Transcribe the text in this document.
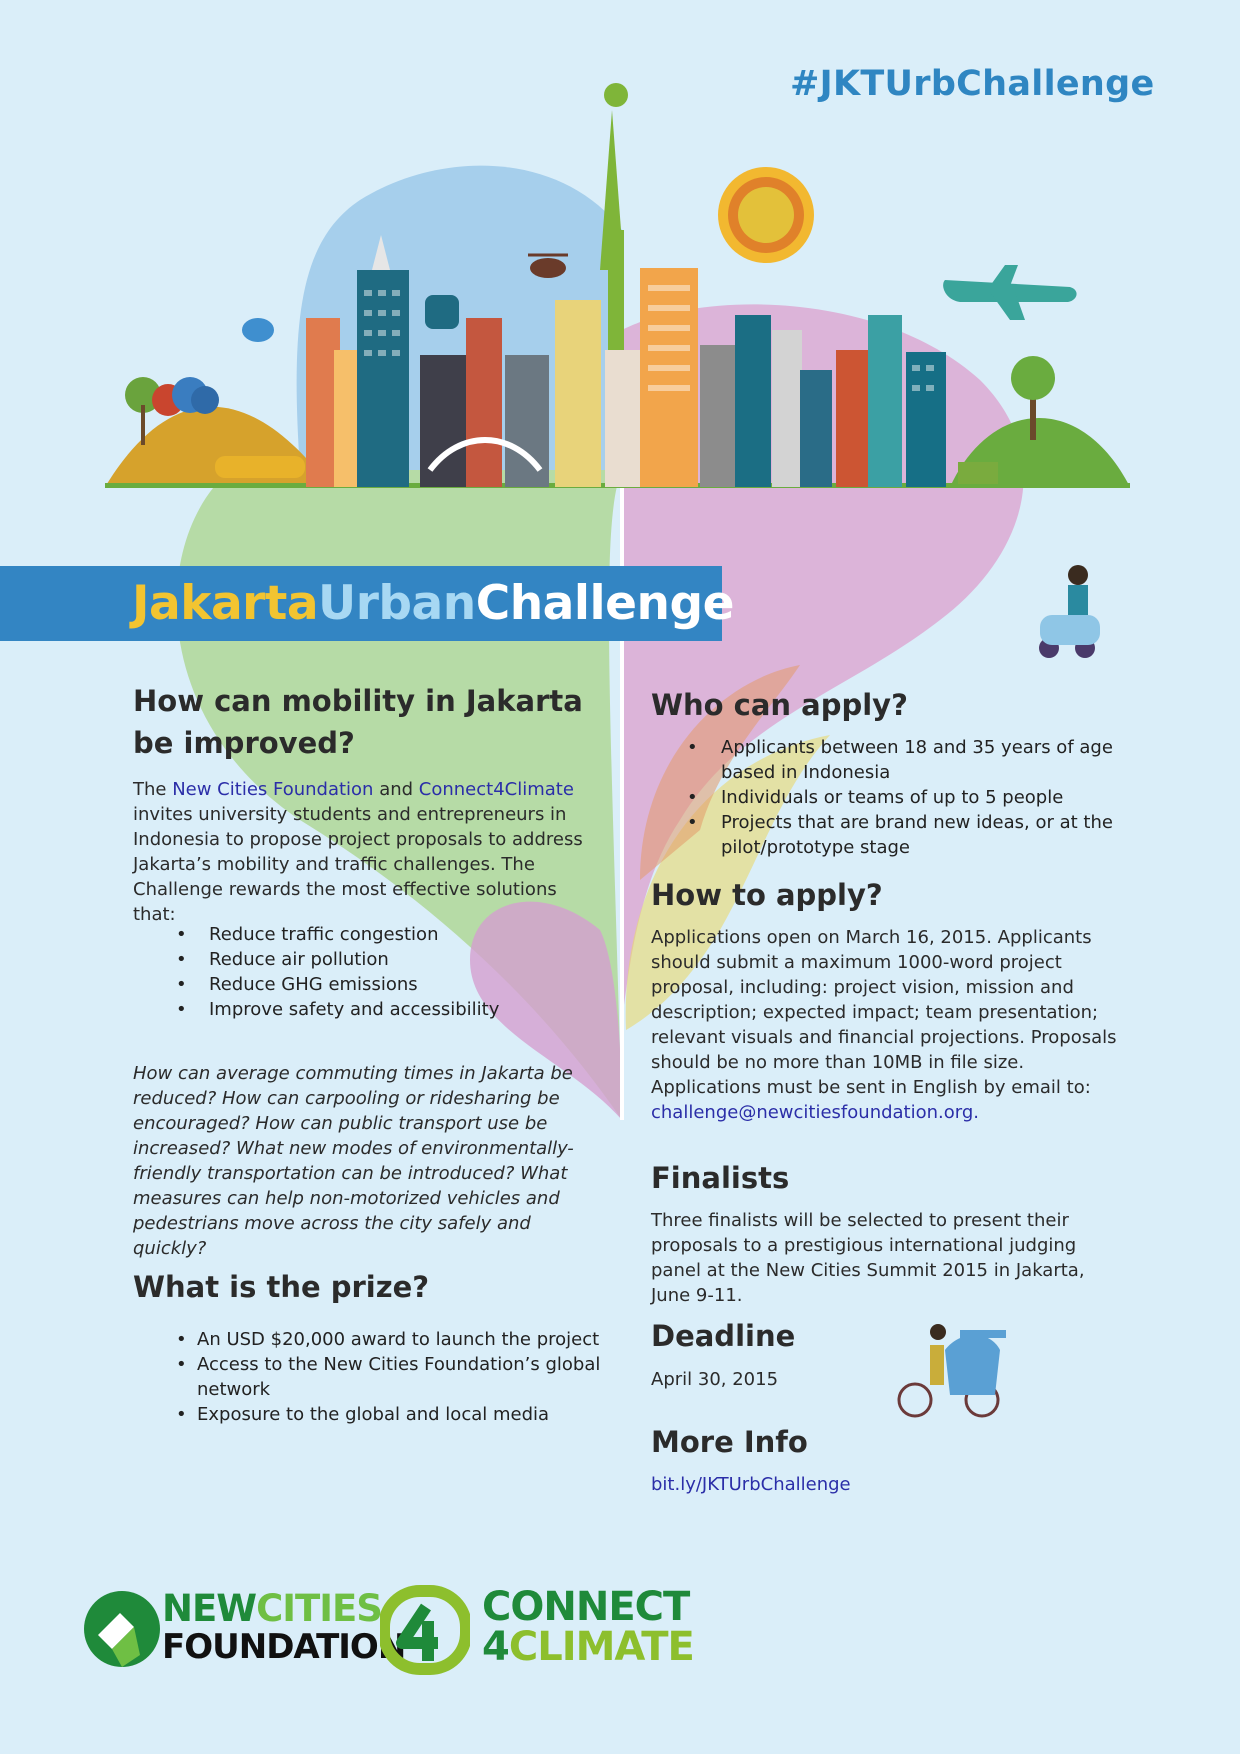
#JKTUrbChallenge
JakartaUrbanChallenge
How can mobility in Jakarta be improved?
The New Cities Foundation and Connect4Climate invites university students and entrepreneurs in Indonesia to propose project proposals to address Jakarta’s mobility and traffic challenges. The Challenge rewards the most effective solutions that:
• Reduce traffic congestion
• Reduce air pollution
• Reduce GHG emissions
• Improve safety and accessibility
How can average commuting times in Jakarta be reduced? How can carpooling or ridesharing be encouraged? How can public transport use be increased? What new modes of environmentally-friendly transportation can be introduced? What measures can help non-motorized vehicles and pedestrians move across the city safely and quickly?
What is the prize?
• An USD $20,000 award to launch the project
• Access to the New Cities Foundation’s global network
• Exposure to the global and local media
Who can apply?
• Applicants between 18 and 35 years of age based in Indonesia
• Individuals or teams of up to 5 people
• Projects that are brand new ideas, or at the pilot/prototype stage
How to apply?
Applications open on March 16, 2015. Applicants should submit a maximum 1000-word project proposal, including: project vision, mission and description; expected impact; team presentation; relevant visuals and financial projections. Proposals should be no more than 10MB in file size. Applications must be sent in English by email to:
challenge@newcitiesfoundation.org.
Finalists
Three finalists will be selected to present their proposals to a prestigious international judging panel at the New Cities Summit 2015 in Jakarta, June 9-11.
Deadline
April 30, 2015
More Info
bit.ly/JKTUrbChallenge
NEWCITIES
FOUNDATION
CONNECT
4CLIMATE
